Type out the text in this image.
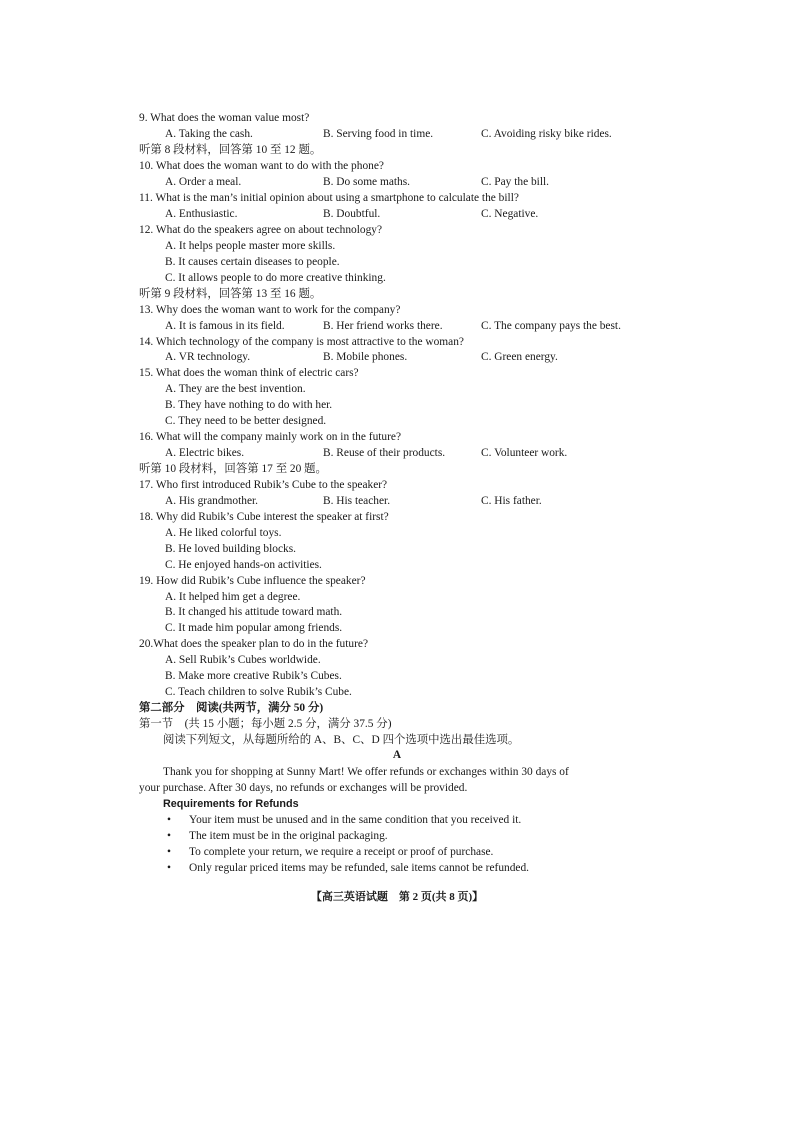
9. What does the woman value most?
A. Taking the cash.	B. Serving food in time.	C. Avoiding risky bike rides.
听第 8 段材料，回答第 10 至 12 题。
10. What does the woman want to do with the phone?
A. Order a meal.	B. Do some maths.	C. Pay the bill.
11. What is the man’s initial opinion about using a smartphone to calculate the bill?
A. Enthusiastic.	B. Doubtful.	C. Negative.
12. What do the speakers agree on about technology?
A. It helps people master more skills.
B. It causes certain diseases to people.
C. It allows people to do more creative thinking.
听第 9 段材料，回答第 13 至 16 题。
13. Why does the woman want to work for the company?
A. It is famous in its field.	B. Her friend works there.	C. The company pays the best.
14. Which technology of the company is most attractive to the woman?
A. VR technology.	B. Mobile phones.	C. Green energy.
15. What does the woman think of electric cars?
A. They are the best invention.
B. They have nothing to do with her.
C. They need to be better designed.
16. What will the company mainly work on in the future?
A. Electric bikes.	B. Reuse of their products.	C. Volunteer work.
听第 10 段材料，回答第 17 至 20 题。
17. Who first introduced Rubik’s Cube to the speaker?
A. His grandmother.	B. His teacher.	C. His father.
18. Why did Rubik’s Cube interest the speaker at first?
A. He liked colorful toys.
B. He loved building blocks.
C. He enjoyed hands-on activities.
19. How did Rubik’s Cube influence the speaker?
A. It helped him get a degree.
B. It changed his attitude toward math.
C. It made him popular among friends.
20.What does the speaker plan to do in the future?
A. Sell Rubik’s Cubes worldwide.
B. Make more creative Rubik’s Cubes.
C. Teach children to solve Rubik’s Cube.
第二部分　阅读(共两节，满分 50 分)
第一节　(共 15 小题；每小题 2.5 分，满分 37.5 分)
阅读下列短文，从每题所给的 A、B、C、D 四个选项中选出最佳选项。
A
Thank you for shopping at Sunny Mart! We offer refunds or exchanges within 30 days of
your purchase. After 30 days, no refunds or exchanges will be provided.
Requirements for Refunds
• Your item must be unused and in the same condition that you received it.
• The item must be in the original packaging.
• To complete your return, we require a receipt or proof of purchase.
• Only regular priced items may be refunded, sale items cannot be refunded.
【高三英语试题　第 2 页(共 8 页)】
